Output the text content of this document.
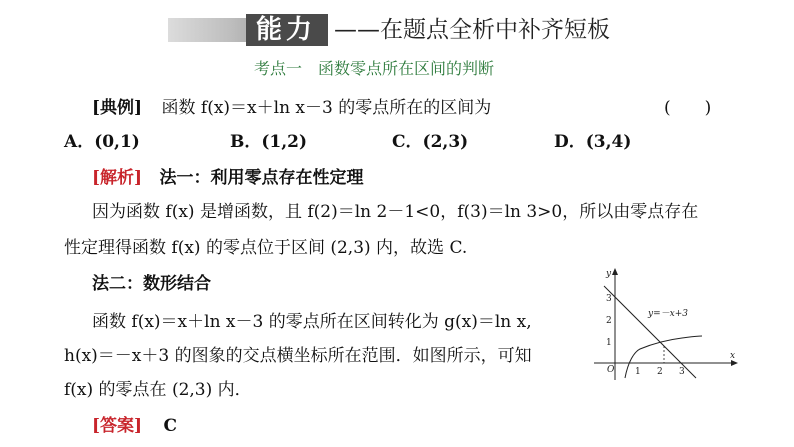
能力 ——在题点全析中补齐短板
考点一　函数零点所在区间的判断
[典例] 函数 f(x)＝x＋ln x－3 的零点所在的区间为	(　　)
A．(0,1)	B．(1,2)	C．(2,3)	D．(3,4)
[解析] 法一：利用零点存在性定理
因为函数 f(x) 是增函数，且 f(2)＝ln 2－1<0，f(3)＝ln 3>0，所以由零点存在
性定理得函数 f(x) 的零点位于区间 (2,3) 内，故选 C.
法二：数形结合
函数 f(x)＝x＋ln x－3 的零点所在区间转化为 g(x)＝ln x,
h(x)＝－x＋3 的图象的交点横坐标所在范围．如图所示，可知
f(x) 的零点在 (2,3) 内．
[答案] C
y
x
O
1
2
3
1 2 3
y=－x+3
